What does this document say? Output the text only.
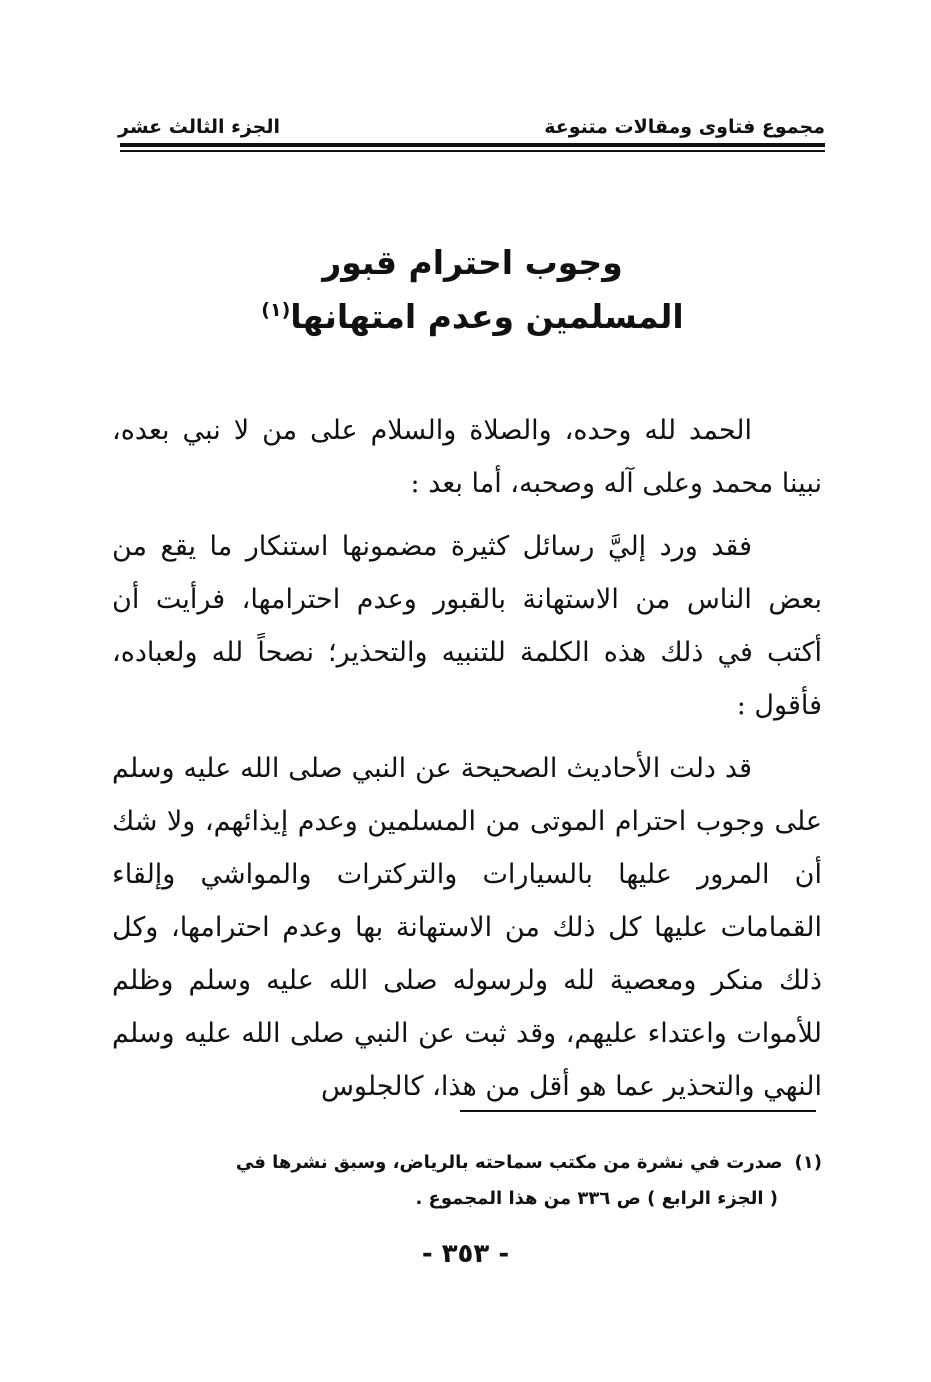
مجموع فتاوى ومقالات متنوعة
الجزء الثالث عشر
وجوب احترام قبور
المسلمين وعدم امتهانها$^{(١)}$

الحمد لله وحده، والصلاة والسلام على من لا نبي بعده، نبينا محمد وعلى آله وصحبه، أما بعد :

فقد ورد إليَّ رسائل كثيرة مضمونها استنكار ما يقع من بعض الناس من الاستهانة بالقبور وعدم احترامها، فرأيت أن أكتب في ذلك هذه الكلمة للتنبيه والتحذير؛ نصحاً لله ولعباده، فأقول :

قد دلت الأحاديث الصحيحة عن النبي صلى الله عليه وسلم على وجوب احترام الموتى من المسلمين وعدم إيذائهم، ولا شك أن المرور عليها بالسيارات والتركترات والمواشي وإلقاء القمامات عليها كل ذلك من الاستهانة بها وعدم احترامها، وكل ذلك منكر ومعصية لله ولرسوله صلى الله عليه وسلم وظلم للأموات واعتداء عليهم، وقد ثبت عن النبي صلى الله عليه وسلم النهي والتحذير عما هو أقل من هذا، كالجلوس

(١)صدرت في نشرة من مكتب سماحته بالرياض، وسبق نشرها في
( الجزء الرابع ) ص ٣٣٦ من هذا المجموع .
- ٣٥٣ -
